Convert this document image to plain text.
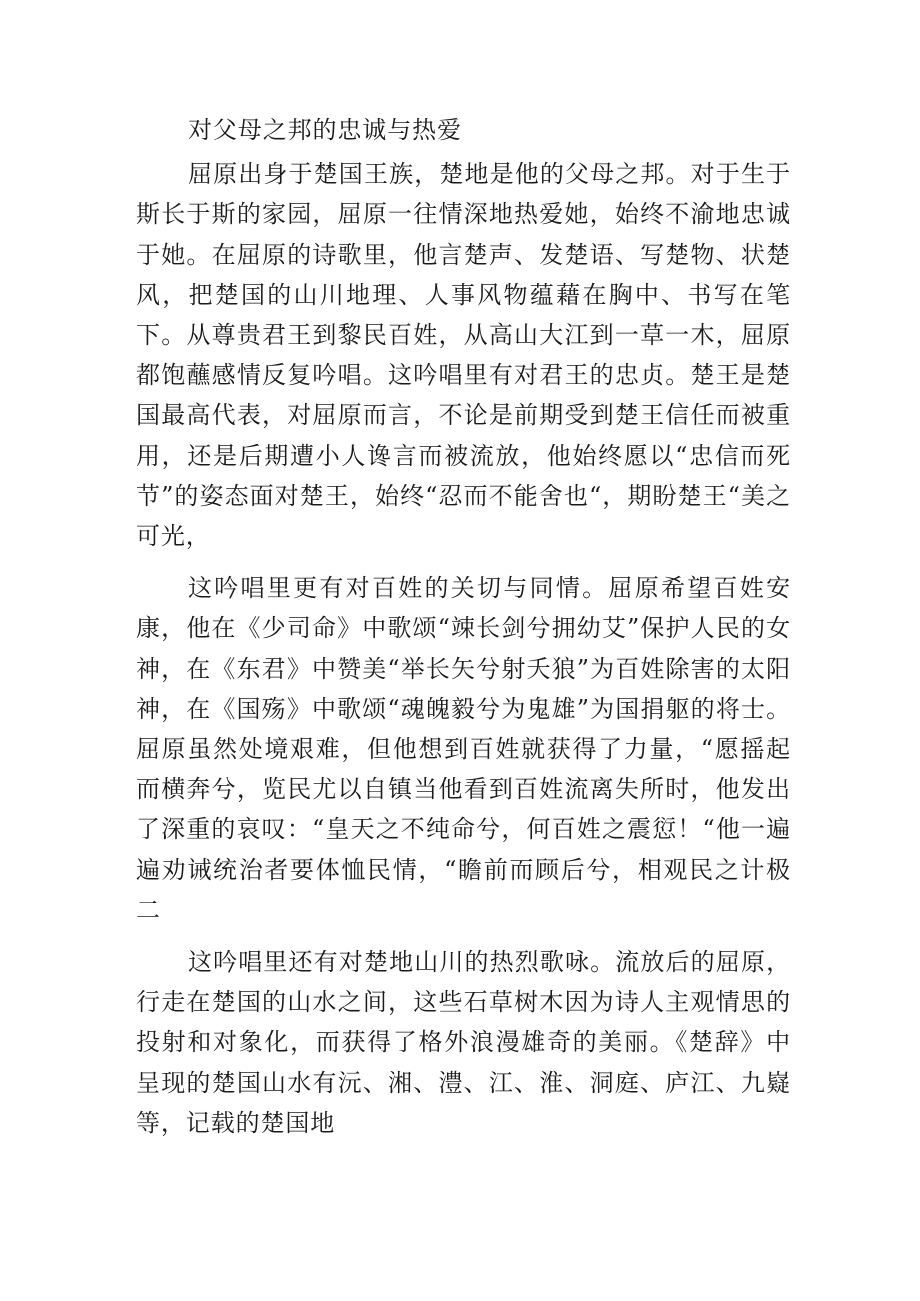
对父母之邦的忠诚与热爱

屈原出身于楚国王族，楚地是他的父母之邦。对于生于斯长于斯的家园，屈原一往情深地热爱她，始终不渝地忠诚于她。在屈原的诗歌里，他言楚声、发楚语、写楚物、状楚风，把楚国的山川地理、人事风物蕴藉在胸中、书写在笔下。从尊贵君王到黎民百姓，从高山大江到一草一木，屈原都饱蘸感情反复吟唱。这吟唱里有对君王的忠贞。楚王是楚国最高代表，对屈原而言，不论是前期受到楚王信任而被重用，还是后期遭小人谗言而被流放，他始终愿以“忠信而死节”的姿态面对楚王，始终“忍而不能舍也“，期盼楚王“美之可光，

这吟唱里更有对百姓的关切与同情。屈原希望百姓安康，他在《少司命》中歌颂“竦长剑兮拥幼艾”保护人民的女神，在《东君》中赞美“举长矢兮射夭狼”为百姓除害的太阳神，在《国殇》中歌颂“魂魄毅兮为鬼雄”为国捐躯的将士。屈原虽然处境艰难，但他想到百姓就获得了力量，“愿摇起而横奔兮，览民尤以自镇当他看到百姓流离失所时，他发出了深重的哀叹：“皇天之不纯命兮，何百姓之震愆！“他一遍遍劝诫统治者要体恤民情，“瞻前而顾后兮，相观民之计极二

这吟唱里还有对楚地山川的热烈歌咏。流放后的屈原，行走在楚国的山水之间，这些石草树木因为诗人主观情思的投射和对象化，而获得了格外浪漫雄奇的美丽。《楚辞》中呈现的楚国山水有沅、湘、澧、江、淮、洞庭、庐江、九嶷等，记载的楚国地
